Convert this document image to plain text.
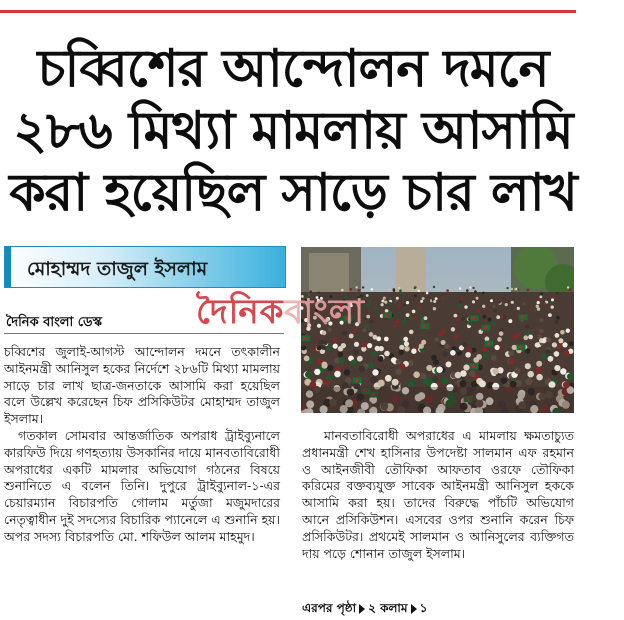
চব্বিশের আন্দোলন দমনে
২৮৬ মিথ্যা মামলায় আসামি
করা হয়েছিল সাড়ে চার লাখ
মোহাম্মদ তাজুল ইসলাম
দৈনিকবাংলা
দৈনিক বাংলা ডেস্ক

চব্বিশের জুলাই-আগস্ট আন্দোলন দমনে তৎকালীন আইনমন্ত্রী আনিসুল হকের নির্দেশে ২৮৬টি মিথ্যা মামলায় সাড়ে চার লাখ ছাত্র-জনতাকে আসামি করা হয়েছিল বলে উল্লেখ করেছেন চিফ প্রসিকিউটর মোহাম্মদ তাজুল ইসলাম।

গতকাল সোমবার আন্তর্জাতিক অপরাধ ট্রাইব্যুনালে কারফিউ দিয়ে গণহত্যায় উসকানির দায়ে মানবতাবিরোধী অপরাধের একটি মামলার অভিযোগ গঠনের বিষয়ে শুনানিতে এ বলেন তিনি। দুপুরে ট্রাইব্যুনাল-১-এর চেয়ারম্যান বিচারপতি গোলাম মর্তুজা মজুমদারের নেতৃত্বাধীন দুই সদস্যের বিচারিক প্যানেলে এ শুনানি হয়। অপর সদস্য বিচারপতি মো. শফিউল আলম মাহমুদ।

মানবতাবিরোধী অপরাধের এ মামলায় ক্ষমতাচ্যুত প্রধানমন্ত্রী শেখ হাসিনার উপদেষ্টা সালমান এফ রহমান ও আইনজীবী তৌফিকা আফতাব ওরফে তৌফিকা করিমের বক্তব্যযুক্ত সাবেক আইনমন্ত্রী আনিসুল হককে আসামি করা হয়। তাদের বিরুদ্ধে পাঁচটি অভিযোগ আনে প্রসিকিউশন। এসবের ওপর শুনানি করেন চিফ প্রসিকিউটর। প্রথমেই সালমান ও আনিসুলের ব্যক্তিগত দায় পড়ে শোনান তাজুল ইসলাম।

এরপর পৃষ্ঠা ২ কলাম ১
